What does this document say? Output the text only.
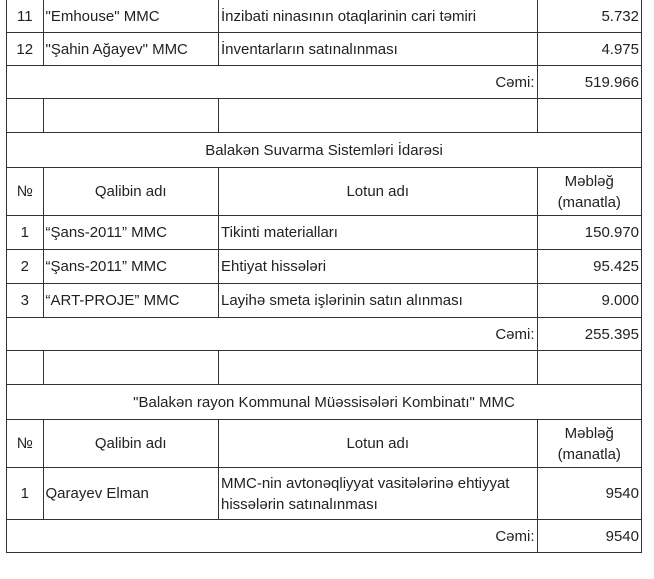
11	"Emhouse" MMC	İnzibati ninasının otaqlarinin cari təmiri	5.732
12	"Şahin Ağayev" MMC	İnventarların satınalınması	4.975
Cəmi:			519.966

Balakən Suvarma Sistemləri İdarəsi			
№	Qalibin adı	Lotun adı	Məbləğ (manatla)
1	“Şans-2011” MMC	Tikinti materialları	150.970
2	“Şans-2011” MMC	Ehtiyat hissələri	95.425
3	“ART-PROJE” MMC	Layihə smeta işlərinin satın alınması	9.000
Cəmi:			255.395

"Balakən rayon Kommunal Müəssisələri Kombinatı" MMC			
№	Qalibin adı	Lotun adı	Məbləğ (manatla)
1	Qarayev Elman	MMC-nin avtonəqliyyat vasitələrinə ehtiyyat hissələrin satınalınması	9540
Cəmi:			9540
